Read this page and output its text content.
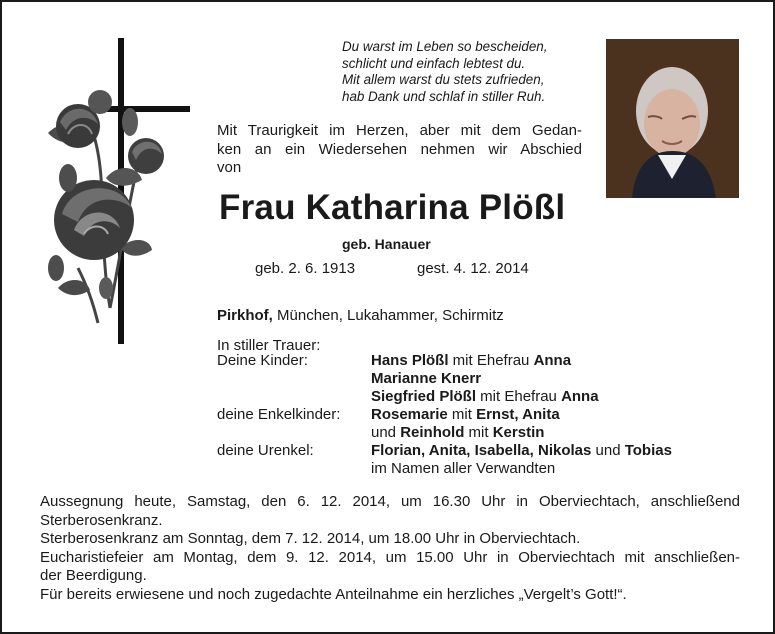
Du warst im Leben so bescheiden,
schlicht und einfach lebtest du.
Mit allem warst du stets zufrieden,
hab Dank und schlaf in stiller Ruh.
Mit Traurigkeit im Herzen, aber mit dem Gedan-
ken an ein Wiedersehen nehmen wir Abschied
von
Frau Katharina Plößl
geb. Hanauer
geb. 2. 6. 1913	gest. 4. 12. 2014
Pirkhof, München, Lukahammer, Schirmitz
In stiller Trauer:
Deine Kinder:	Hans Plößl mit Ehefrau Anna
Marianne Knerr
Siegfried Plößl mit Ehefrau Anna
deine Enkelkinder: Rosemarie mit Ernst, Anita
und Reinhold mit Kerstin
deine Urenkel:	Florian, Anita, Isabella, Nikolas und Tobias
im Namen aller Verwandten
Aussegnung heute, Samstag, den 6. 12. 2014, um 16.30 Uhr in Oberviechtach, anschließend
Sterberosenkranz.
Sterberosenkranz am Sonntag, dem 7. 12. 2014, um 18.00 Uhr in Oberviechtach.
Eucharistiefeier am Montag, dem 9. 12. 2014, um 15.00 Uhr in Oberviechtach mit anschließen-
der Beerdigung.
Für bereits erwiesene und noch zugedachte Anteilnahme ein herzliches „Vergelt’s Gott!“.
